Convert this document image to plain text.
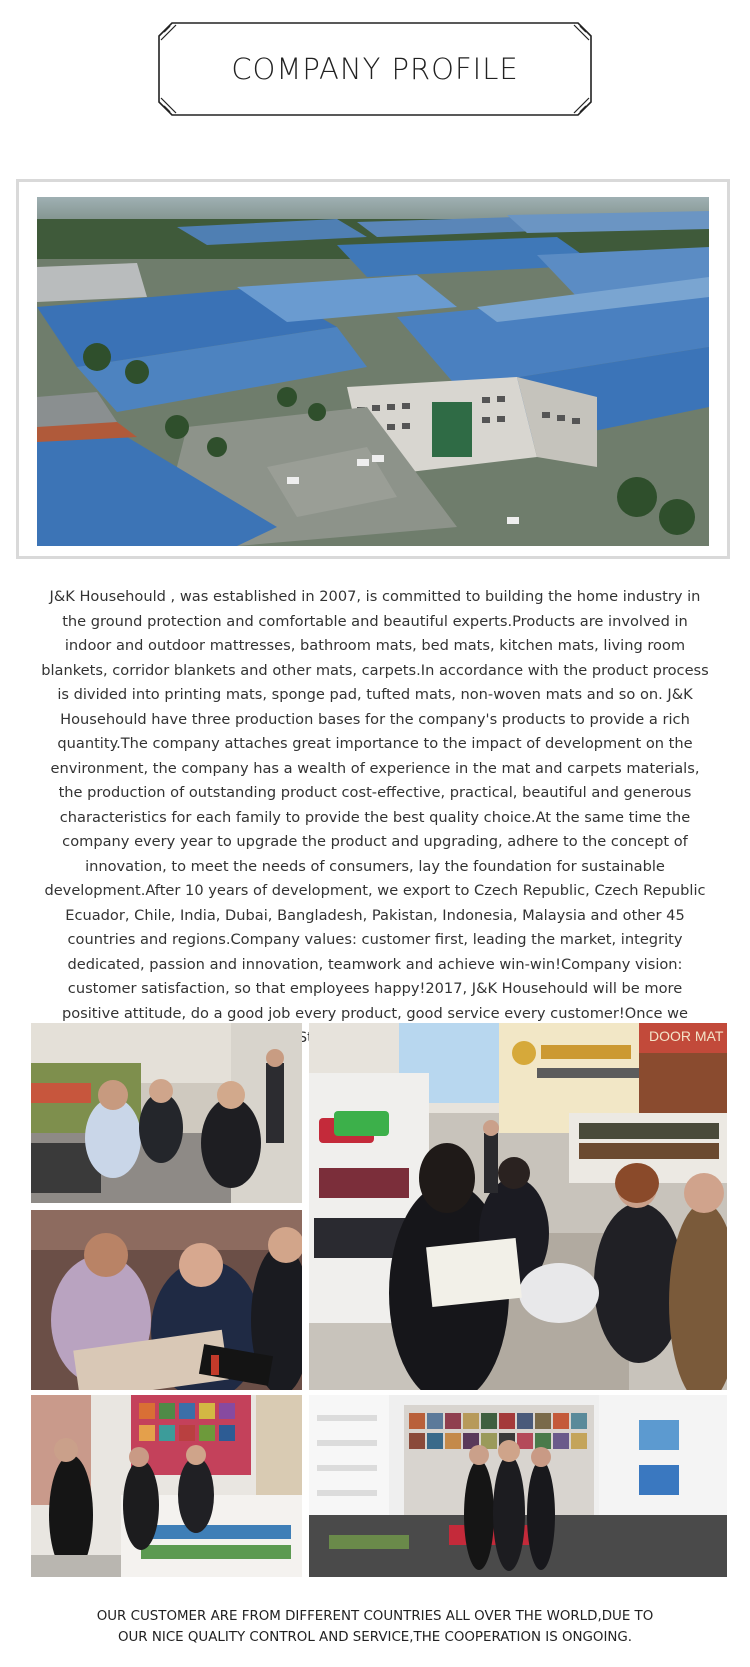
COMPANY PROFILE

J&K Househould , was established in 2007, is committed to building the home industry in the ground protection and comfortable and beautiful experts.Products are involved in indoor and outdoor mattresses, bathroom mats, bed mats, kitchen mats, living room blankets, corridor blankets and other mats, carpets.In accordance with the product process is divided into printing mats, sponge pad, tufted mats, non-woven mats and so on. J&K Househould have three production bases for the company's products to provide a rich quantity.The company attaches great importance to the impact of development on the environment, the company has a wealth of experience in the mat and carpets materials, the production of outstanding product cost-effective, practical, beautiful and generous characteristics for each family to provide the best quality choice.At the same time the company every year to upgrade the product and upgrading, adhere to the concept of innovation, to meet the needs of consumers, lay the foundation for sustainable development.After 10 years of development, we export to Czech Republic, Czech Republic Ecuador, Chile, India, Dubai, Bangladesh, Pakistan, Indonesia, Malaysia and other 45 countries and regions.Company values: customer first, leading the market, integrity dedicated, passion and innovation, teamwork and achieve win-win!Company vision: customer satisfaction, so that employees happy!2017, J&K Househould will be more positive attitude, do a good job every product, good service every customer!Once we

DOOR MAT

OUR CUSTOMER ARE FROM DIFFERENT COUNTRIES ALL OVER THE WORLD,DUE TO

OUR NICE QUALITY CONTROL AND SERVICE,THE COOPERATION IS ONGOING.
